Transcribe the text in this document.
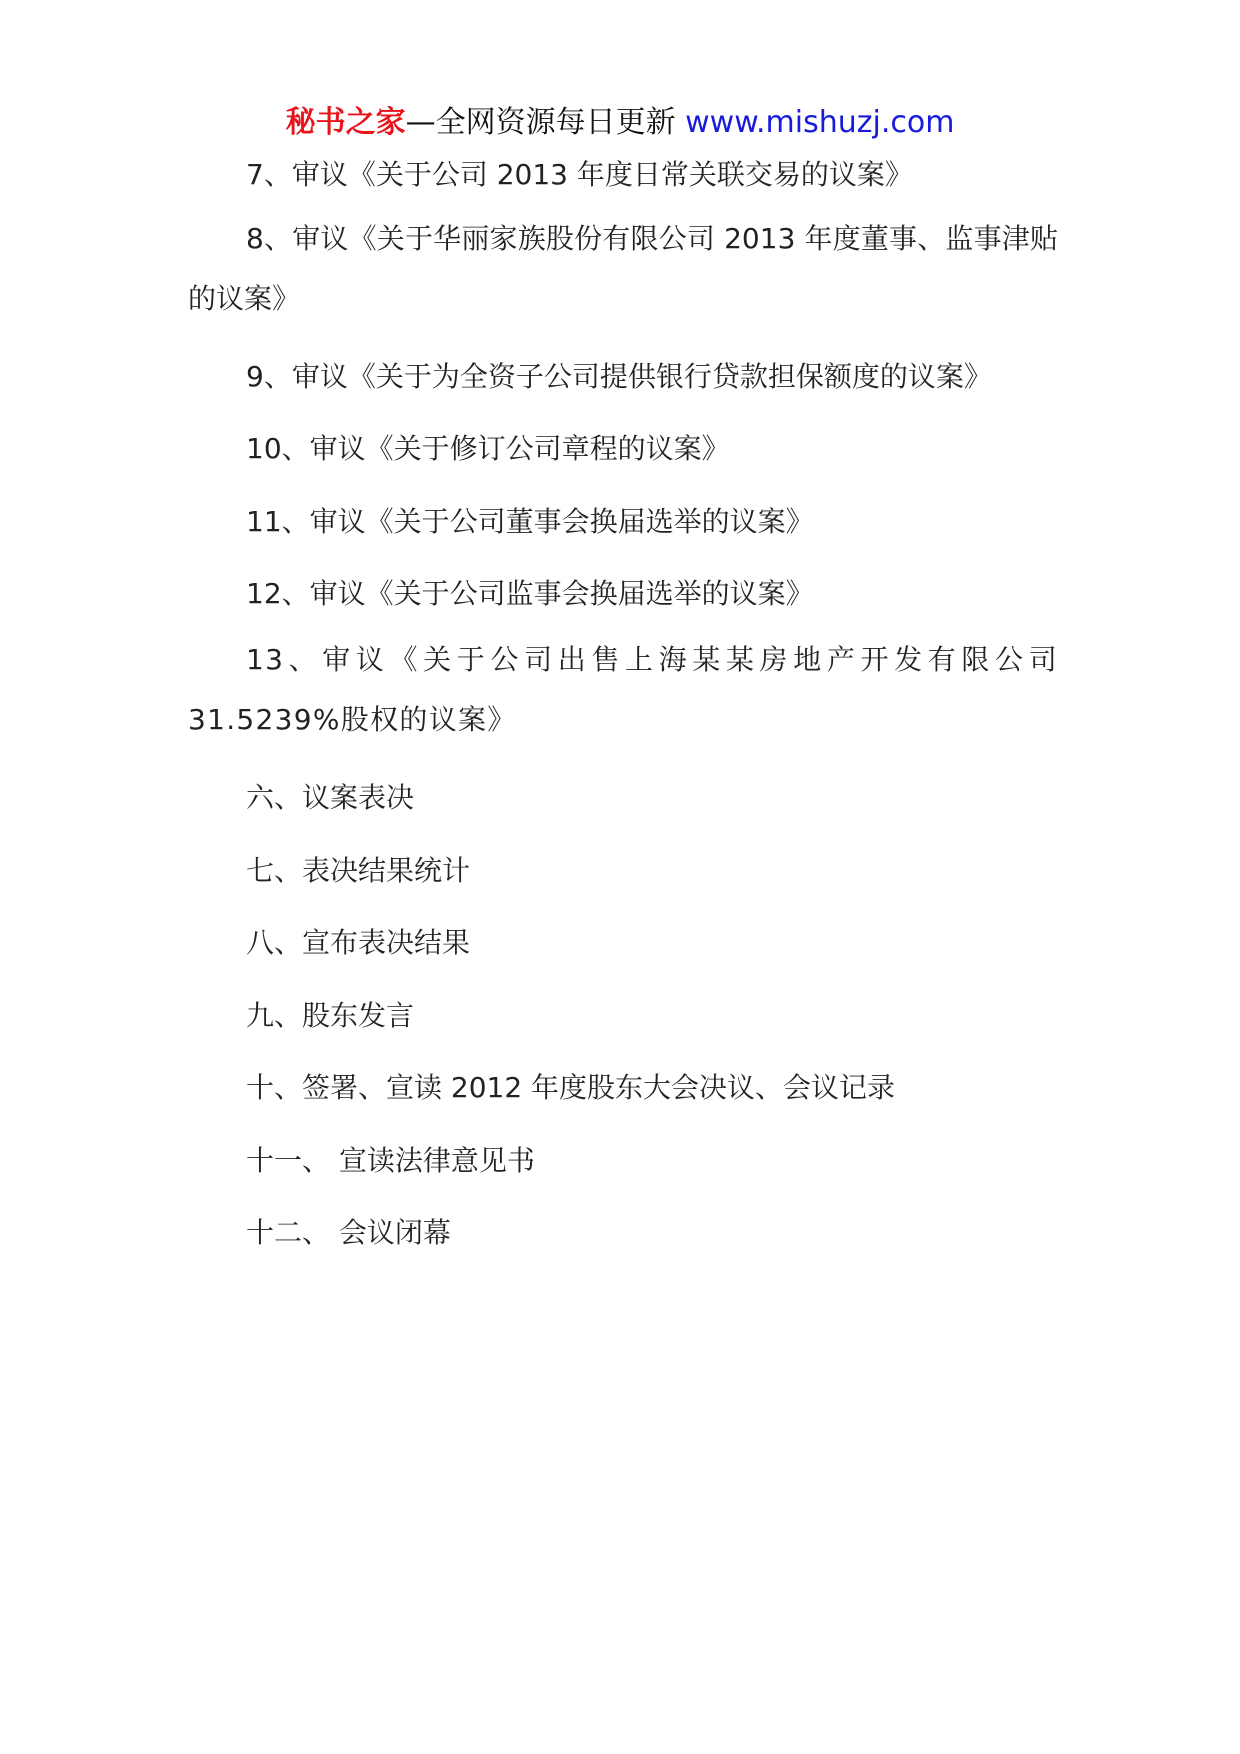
秘书之家—全网资源每日更新 www.mishuzj.com

7、审议《关于公司 2013 年度日常关联交易的议案》

8、审议《关于华丽家族股份有限公司 2013 年度董事、监事津贴的议案》

9、审议《关于为全资子公司提供银行贷款担保额度的议案》

10、审议《关于修订公司章程的议案》

11、审议《关于公司董事会换届选举的议案》

12、审议《关于公司监事会换届选举的议案》

13、审议《关于公司出售上海某某房地产开发有限公司 31.5239%股权的议案》

六、议案表决

七、表决结果统计

八、宣布表决结果

九、股东发言

十、签署、宣读 2012 年度股东大会决议、会议记录

十一、 宣读法律意见书

十二、 会议闭幕
